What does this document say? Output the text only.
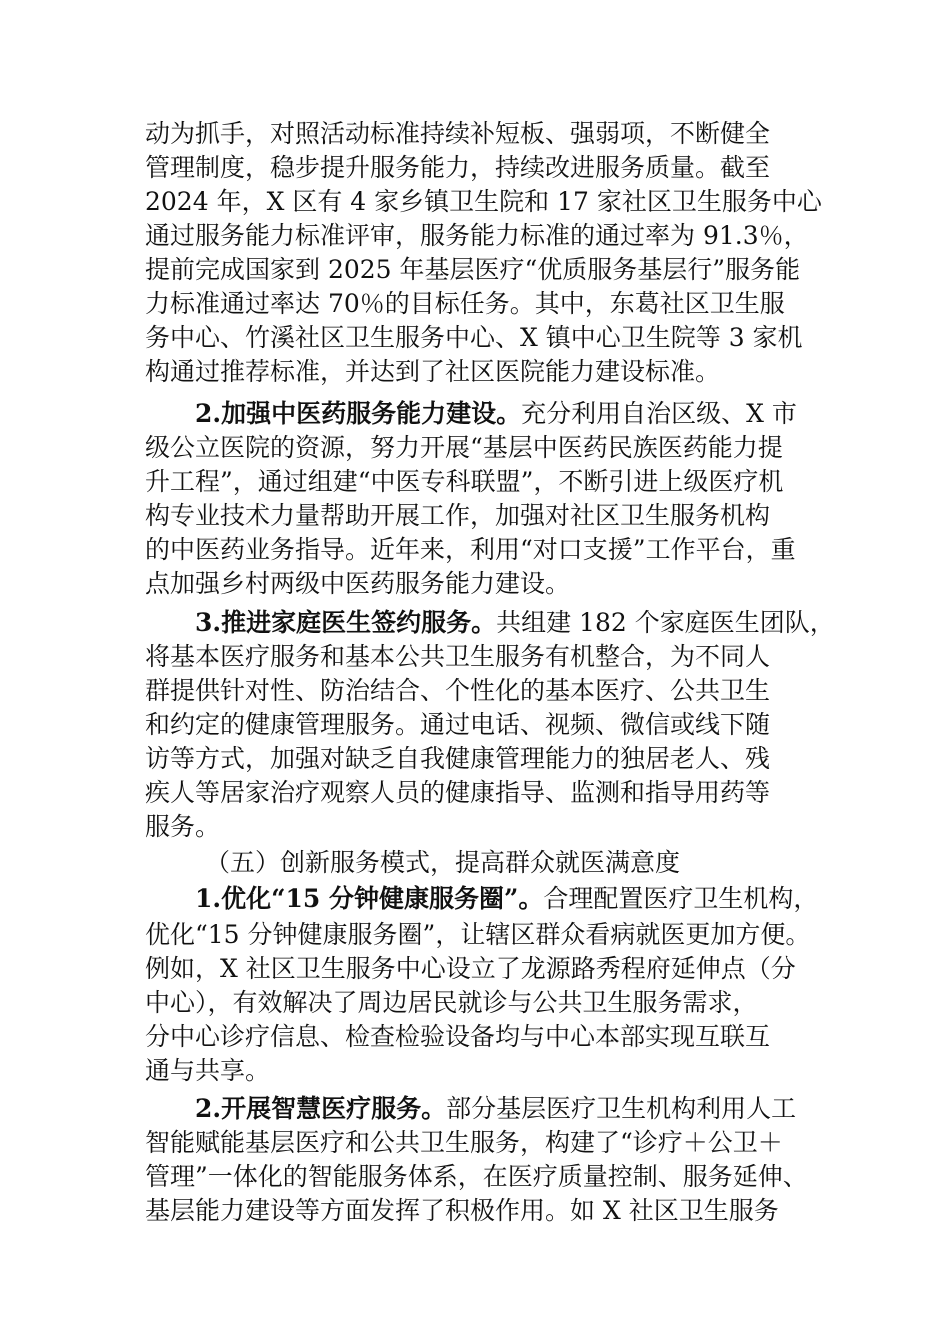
动为抓手，对照活动标准持续补短板、强弱项，不断健全
管理制度，稳步提升服务能力，持续改进服务质量。截至
2024 年，X 区有 4 家乡镇卫生院和 17 家社区卫生服务中心
通过服务能力标准评审，服务能力标准的通过率为 91.3％，
提前完成国家到 2025 年基层医疗“优质服务基层行”服务能
力标准通过率达 70％的目标任务。其中，东葛社区卫生服
务中心、竹溪社区卫生服务中心、X 镇中心卫生院等 3 家机
构通过推荐标准，并达到了社区医院能力建设标准。
2.加强中医药服务能力建设。充分利用自治区级、X 市
级公立医院的资源，努力开展“基层中医药民族医药能力提
升工程”，通过组建“中医专科联盟”，不断引进上级医疗机
构专业技术力量帮助开展工作，加强对社区卫生服务机构
的中医药业务指导。近年来，利用“对口支援”工作平台，重
点加强乡村两级中医药服务能力建设。
3.推进家庭医生签约服务。共组建 182 个家庭医生团队，
将基本医疗服务和基本公共卫生服务有机整合，为不同人
群提供针对性、防治结合、个性化的基本医疗、公共卫生
和约定的健康管理服务。通过电话、视频、微信或线下随
访等方式，加强对缺乏自我健康管理能力的独居老人、残
疾人等居家治疗观察人员的健康指导、监测和指导用药等
服务。
（五）创新服务模式，提高群众就医满意度
1.优化“15 分钟健康服务圈”。合理配置医疗卫生机构，
优化“15 分钟健康服务圈”，让辖区群众看病就医更加方便。
例如，X 社区卫生服务中心设立了龙源路秀程府延伸点（分
中心），有效解决了周边居民就诊与公共卫生服务需求，
分中心诊疗信息、检查检验设备均与中心本部实现互联互
通与共享。
2.开展智慧医疗服务。部分基层医疗卫生机构利用人工
智能赋能基层医疗和公共卫生服务，构建了“诊疗＋公卫＋
管理”一体化的智能服务体系，在医疗质量控制、服务延伸、
基层能力建设等方面发挥了积极作用。如 X 社区卫生服务
